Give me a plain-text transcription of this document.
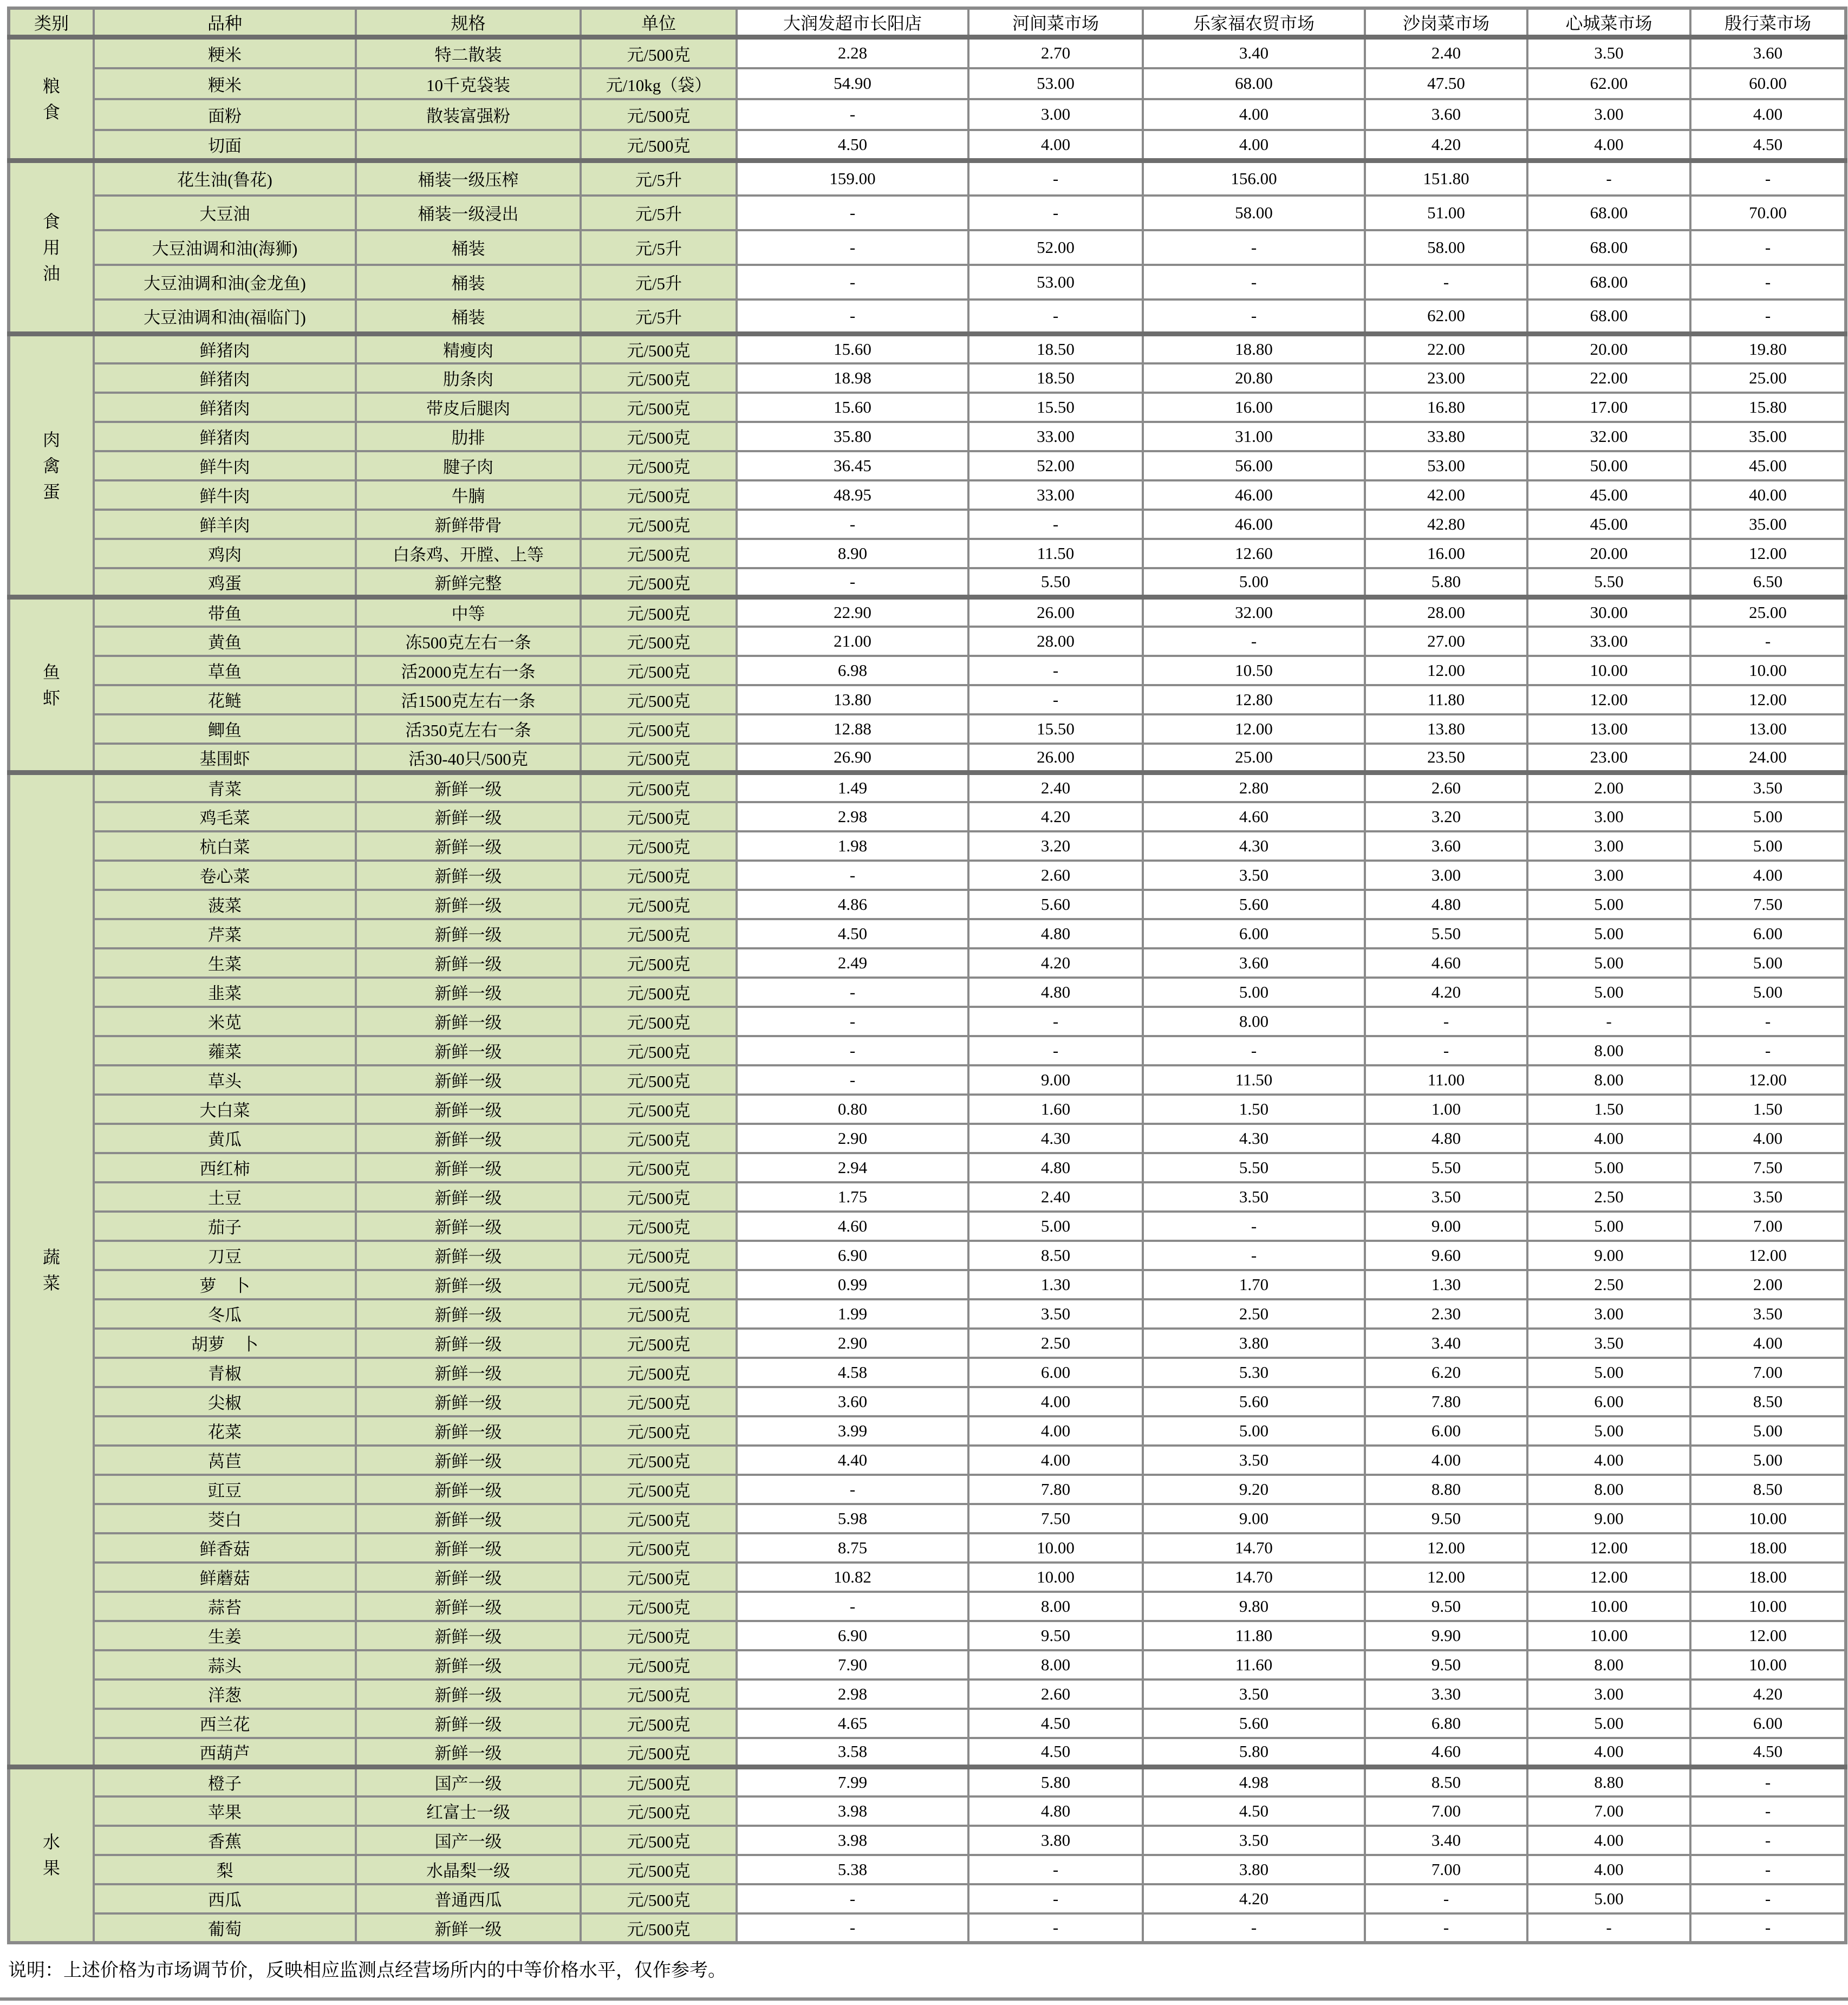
类别	品种	规格	单位	大润发超市长阳店	河间菜市场	乐家福农贸市场	沙岗菜市场	心城菜市场	殷行菜市场
粮食	粳米	特二散装	元/500克	2.28	2.70	3.40	2.40	3.50	3.60
	粳米	10千克袋装	元/10kg（袋）	54.90	53.00	68.00	47.50	62.00	60.00
	面粉	散装富强粉	元/500克	-	3.00	4.00	3.60	3.00	4.00
	切面		元/500克	4.50	4.00	4.00	4.20	4.00	4.50
食用油	花生油(鲁花)	桶装一级压榨	元/5升	159.00	-	156.00	151.80	-	-
	大豆油	桶装一级浸出	元/5升	-	-	58.00	51.00	68.00	70.00
	大豆油调和油(海狮)	桶装	元/5升	-	52.00	-	58.00	68.00	-
	大豆油调和油(金龙鱼)	桶装	元/5升	-	53.00	-	-	68.00	-
	大豆油调和油(福临门)	桶装	元/5升	-	-	-	62.00	68.00	-
肉禽蛋	鲜猪肉	精瘦肉	元/500克	15.60	18.50	18.80	22.00	20.00	19.80
	鲜猪肉	肋条肉	元/500克	18.98	18.50	20.80	23.00	22.00	25.00
	鲜猪肉	带皮后腿肉	元/500克	15.60	15.50	16.00	16.80	17.00	15.80
	鲜猪肉	肋排	元/500克	35.80	33.00	31.00	33.80	32.00	35.00
	鲜牛肉	腱子肉	元/500克	36.45	52.00	56.00	53.00	50.00	45.00
	鲜牛肉	牛腩	元/500克	48.95	33.00	46.00	42.00	45.00	40.00
	鲜羊肉	新鲜带骨	元/500克	-	-	46.00	42.80	45.00	35.00
	鸡肉	白条鸡、开膛、上等	元/500克	8.90	11.50	12.60	16.00	20.00	12.00
	鸡蛋	新鲜完整	元/500克	-	5.50	5.00	5.80	5.50	6.50
鱼虾	带鱼	中等	元/500克	22.90	26.00	32.00	28.00	30.00	25.00
	黄鱼	冻500克左右一条	元/500克	21.00	28.00	-	27.00	33.00	-
	草鱼	活2000克左右一条	元/500克	6.98	-	10.50	12.00	10.00	10.00
	花鲢	活1500克左右一条	元/500克	13.80	-	12.80	11.80	12.00	12.00
	鲫鱼	活350克左右一条	元/500克	12.88	15.50	12.00	13.80	13.00	13.00
	基围虾	活30-40只/500克	元/500克	26.90	26.00	25.00	23.50	23.00	24.00
蔬菜	青菜	新鲜一级	元/500克	1.49	2.40	2.80	2.60	2.00	3.50
	鸡毛菜	新鲜一级	元/500克	2.98	4.20	4.60	3.20	3.00	5.00
	杭白菜	新鲜一级	元/500克	1.98	3.20	4.30	3.60	3.00	5.00
	卷心菜	新鲜一级	元/500克	-	2.60	3.50	3.00	3.00	4.00
	菠菜	新鲜一级	元/500克	4.86	5.60	5.60	4.80	5.00	7.50
	芹菜	新鲜一级	元/500克	4.50	4.80	6.00	5.50	5.00	6.00
	生菜	新鲜一级	元/500克	2.49	4.20	3.60	4.60	5.00	5.00
	韭菜	新鲜一级	元/500克	-	4.80	5.00	4.20	5.00	5.00
	米苋	新鲜一级	元/500克	-	-	8.00	-	-	-
	蕹菜	新鲜一级	元/500克	-	-	-	-	8.00	-
	草头	新鲜一级	元/500克	-	9.00	11.50	11.00	8.00	12.00
	大白菜	新鲜一级	元/500克	0.80	1.60	1.50	1.00	1.50	1.50
	黄瓜	新鲜一级	元/500克	2.90	4.30	4.30	4.80	4.00	4.00
	西红柿	新鲜一级	元/500克	2.94	4.80	5.50	5.50	5.00	7.50
	土豆	新鲜一级	元/500克	1.75	2.40	3.50	3.50	2.50	3.50
	茄子	新鲜一级	元/500克	4.60	5.00	-	9.00	5.00	7.00
	刀豆	新鲜一级	元/500克	6.90	8.50	-	9.60	9.00	12.00
	萝　卜	新鲜一级	元/500克	0.99	1.30	1.70	1.30	2.50	2.00
	冬瓜	新鲜一级	元/500克	1.99	3.50	2.50	2.30	3.00	3.50
	胡萝　卜	新鲜一级	元/500克	2.90	2.50	3.80	3.40	3.50	4.00
	青椒	新鲜一级	元/500克	4.58	6.00	5.30	6.20	5.00	7.00
	尖椒	新鲜一级	元/500克	3.60	4.00	5.60	7.80	6.00	8.50
	花菜	新鲜一级	元/500克	3.99	4.00	5.00	6.00	5.00	5.00
	莴苣	新鲜一级	元/500克	4.40	4.00	3.50	4.00	4.00	5.00
	豇豆	新鲜一级	元/500克	-	7.80	9.20	8.80	8.00	8.50
	茭白	新鲜一级	元/500克	5.98	7.50	9.00	9.50	9.00	10.00
	鲜香菇	新鲜一级	元/500克	8.75	10.00	14.70	12.00	12.00	18.00
	鲜蘑菇	新鲜一级	元/500克	10.82	10.00	14.70	12.00	12.00	18.00
	蒜苔	新鲜一级	元/500克	-	8.00	9.80	9.50	10.00	10.00
	生姜	新鲜一级	元/500克	6.90	9.50	11.80	9.90	10.00	12.00
	蒜头	新鲜一级	元/500克	7.90	8.00	11.60	9.50	8.00	10.00
	洋葱	新鲜一级	元/500克	2.98	2.60	3.50	3.30	3.00	4.20
	西兰花	新鲜一级	元/500克	4.65	4.50	5.60	6.80	5.00	6.00
	西葫芦	新鲜一级	元/500克	3.58	4.50	5.80	4.60	4.00	4.50
水果	橙子	国产一级	元/500克	7.99	5.80	4.98	8.50	8.80	-
	苹果	红富士一级	元/500克	3.98	4.80	4.50	7.00	7.00	-
	香蕉	国产一级	元/500克	3.98	3.80	3.50	3.40	4.00	-
	梨	水晶梨一级	元/500克	5.38	-	3.80	7.00	4.00	-
	西瓜	普通西瓜	元/500克	-	-	4.20	-	5.00	-
	葡萄	新鲜一级	元/500克	-	-	-	-	-	-
说明：上述价格为市场调节价，反映相应监测点经营场所内的中等价格水平，仅作参考。
